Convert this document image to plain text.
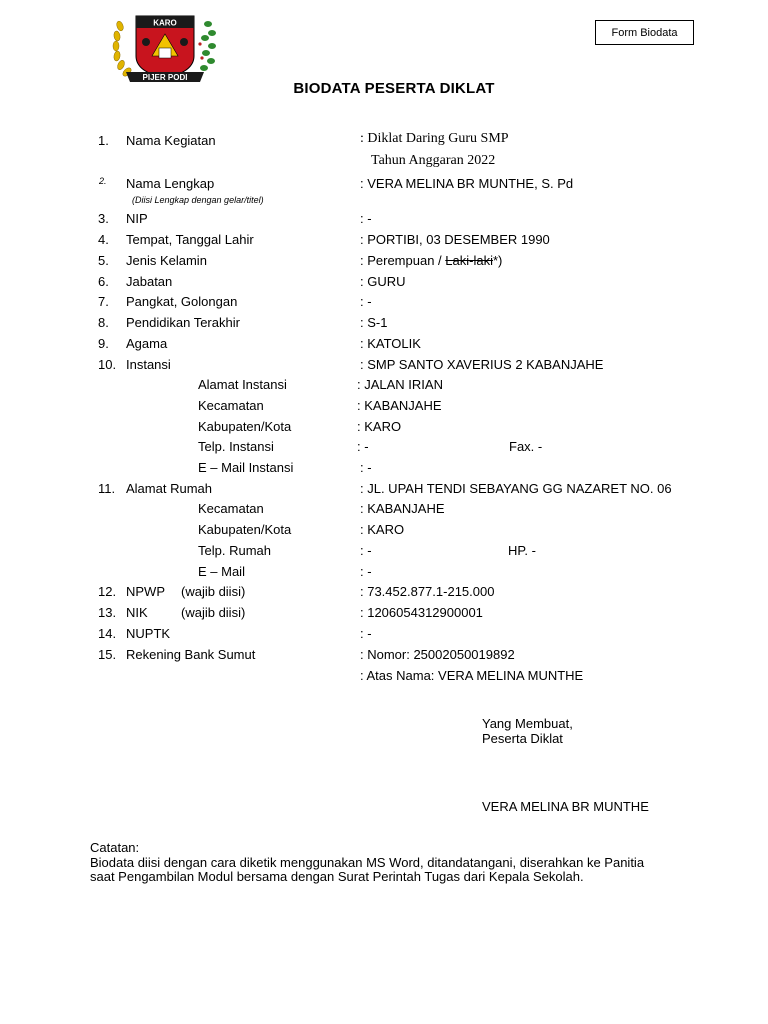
KARO
PIJER PODI
Form Biodata
BIODATA PESERTA DIKLAT
1. Nama Kegiatan	: Diklat Daring Guru SMP
Tahun Anggaran 2022
2. Nama Lengkap
(Diisi Lengkap dengan gelar/titel)
: VERA MELINA BR MUNTHE, S. Pd
3. NIP	: -
4. Tempat, Tanggal Lahir	: PORTIBI, 03 DESEMBER 1990
5. Jenis Kelamin	: Perempuan / Laki-laki*)
6. Jabatan	: GURU
7. Pangkat, Golongan	: -
8. Pendidikan Terakhir	: S-1
9. Agama	: KATOLIK
10. Instansi	: SMP SANTO XAVERIUS 2 KABANJAHE
Alamat Instansi	: JALAN IRIAN
Kecamatan	: KABANJAHE
Kabupaten/Kota	: KARO
Telp. Instansi	: -	Fax. -
E – Mail Instansi	: -
11. Alamat Rumah	: JL. UPAH TENDI SEBAYANG GG NAZARET NO. 06
Kecamatan	: KABANJAHE
Kabupaten/Kota	: KARO
Telp. Rumah	: -	HP. -
E – Mail	: -
12. NPWP (wajib diisi)	: 73.452.877.1-215.000
13. NIK	(wajib diisi)	: 1206054312900001
14. NUPTK	: -
15. Rekening Bank Sumut	: Nomor: 25002050019892
: Atas Nama: VERA MELINA MUNTHE
Yang Membuat,
Peserta Diklat
VERA MELINA BR MUNTHE
Catatan:
Biodata diisi dengan cara diketik menggunakan MS Word, ditandatangani, diserahkan ke Panitia
saat Pengambilan Modul bersama dengan Surat Perintah Tugas dari Kepala Sekolah.
